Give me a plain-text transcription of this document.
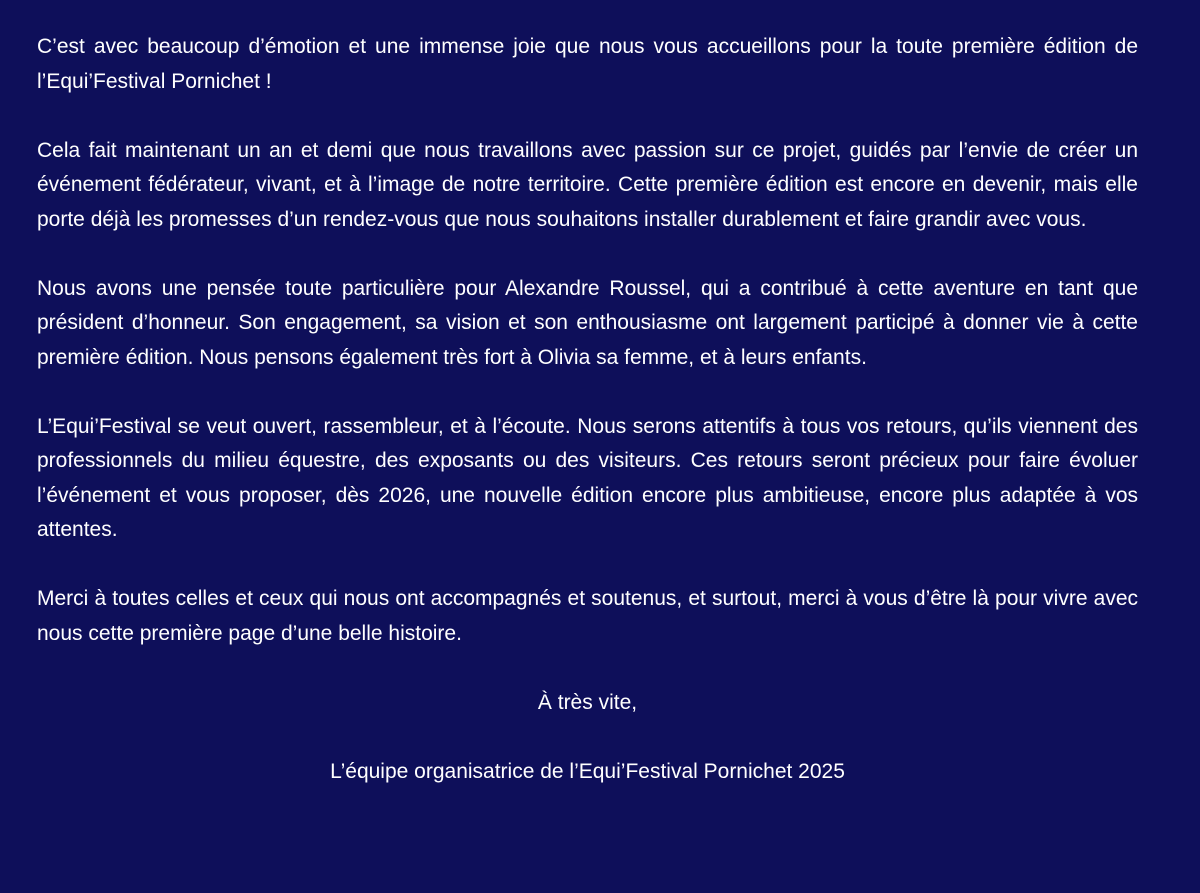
C’est avec beaucoup d’émotion et une immense joie que nous vous accueillons pour la toute première édition de l’Equi’Festival Pornichet !

Cela fait maintenant un an et demi que nous travaillons avec passion sur ce projet, guidés par l’envie de créer un événement fédérateur, vivant, et à l’image de notre territoire. Cette première édition est encore en devenir, mais elle porte déjà les promesses d’un rendez-vous que nous souhaitons installer durablement et faire grandir avec vous.

Nous avons une pensée toute particulière pour Alexandre Roussel, qui a contribué à cette aventure en tant que président d’honneur. Son engagement, sa vision et son enthousiasme ont largement participé à donner vie à cette première édition. Nous pensons également très fort à Olivia sa femme, et à leurs enfants.

L’Equi’Festival se veut ouvert, rassembleur, et à l’écoute. Nous serons attentifs à tous vos retours, qu’ils viennent des professionnels du milieu équestre, des exposants ou des visiteurs. Ces retours seront précieux pour faire évoluer l’événement et vous proposer, dès 2026, une nouvelle édition encore plus ambitieuse, encore plus adaptée à vos attentes.

Merci à toutes celles et ceux qui nous ont accompagnés et soutenus, et surtout, merci à vous d’être là pour vivre avec nous cette première page d’une belle histoire.

À très vite,

L’équipe organisatrice de l’Equi’Festival Pornichet 2025
